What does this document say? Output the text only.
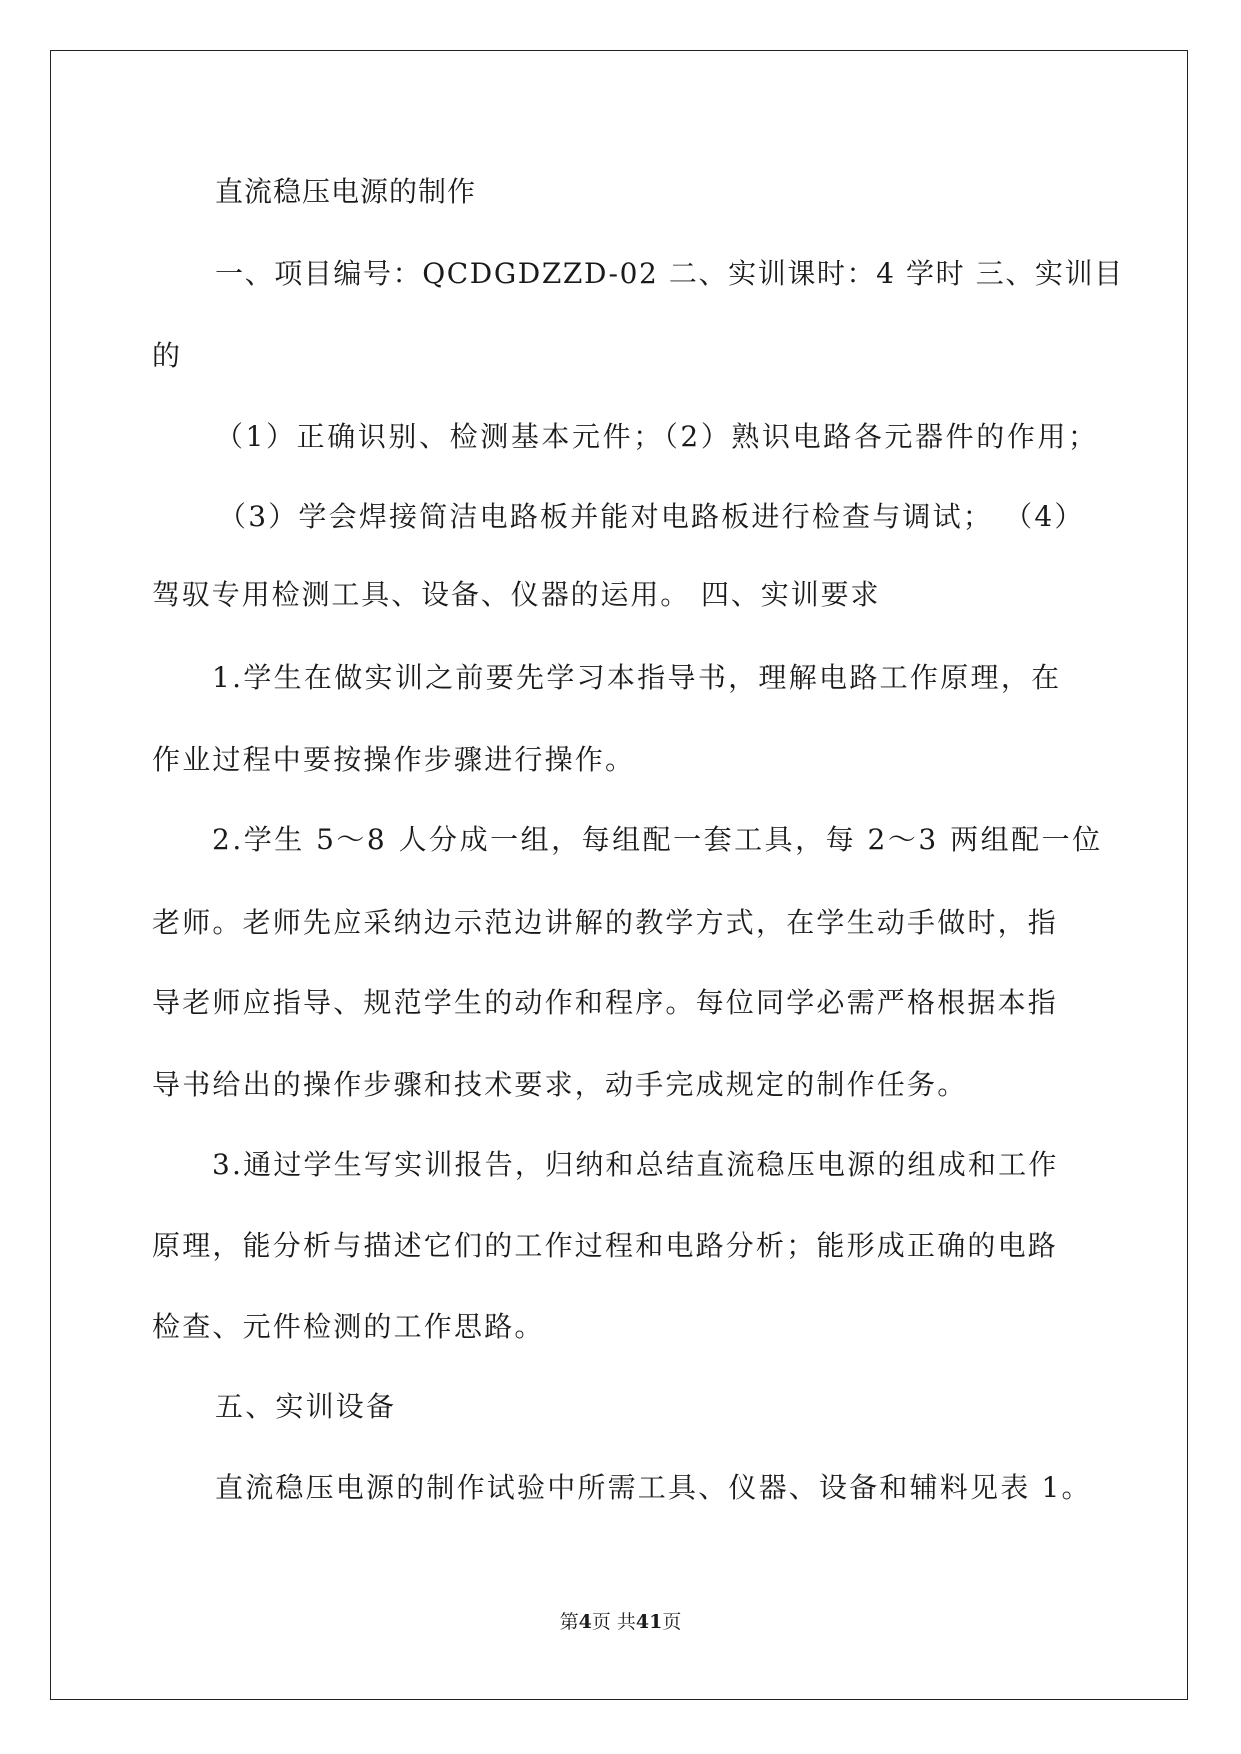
直流稳压电源的制作
一、项目编号：QCDGDZZD-02 二、实训课时：4 学时 三、实训目
的
（1）正确识别、检测基本元件；（2）熟识电路各元器件的作用；
（3）学会焊接简洁电路板并能对电路板进行检查与调试； （4）
驾驭专用检测工具、设备、仪器的运用。 四、实训要求
1.学生在做实训之前要先学习本指导书，理解电路工作原理，在
作业过程中要按操作步骤进行操作。
2.学生 5～8 人分成一组，每组配一套工具，每 2～3 两组配一位
老师。老师先应采纳边示范边讲解的教学方式，在学生动手做时，指
导老师应指导、规范学生的动作和程序。每位同学必需严格根据本指
导书给出的操作步骤和技术要求，动手完成规定的制作任务。
3.通过学生写实训报告，归纳和总结直流稳压电源的组成和工作
原理，能分析与描述它们的工作过程和电路分析；能形成正确的电路
检查、元件检测的工作思路。
五、实训设备
直流稳压电源的制作试验中所需工具、仪器、设备和辅料见表 1。
第4页 共41页
